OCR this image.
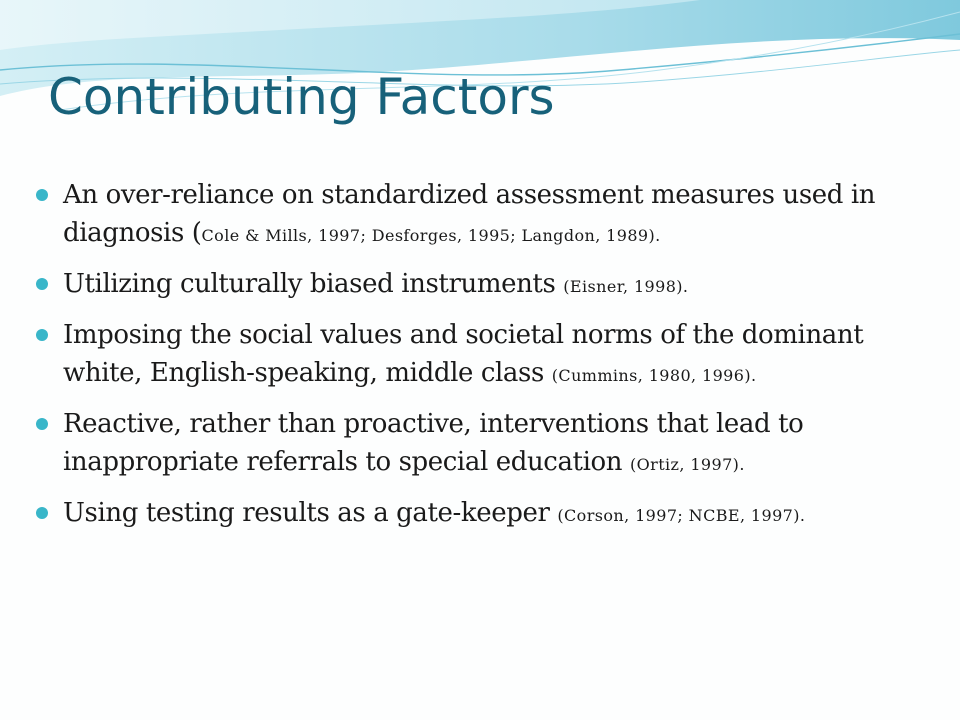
Contributing Factors
An over-reliance on standardized assessment measures used in diagnosis (Cole & Mills, 1997; Desforges, 1995; Langdon, 1989).
Utilizing culturally biased instruments (Eisner, 1998).
Imposing the social values and societal norms of the dominant white, English-speaking, middle class (Cummins, 1980, 1996).
Reactive, rather than proactive, interventions that lead to inappropriate referrals to special education (Ortiz, 1997).
Using testing results as a gate-keeper (Corson, 1997; NCBE, 1997).
